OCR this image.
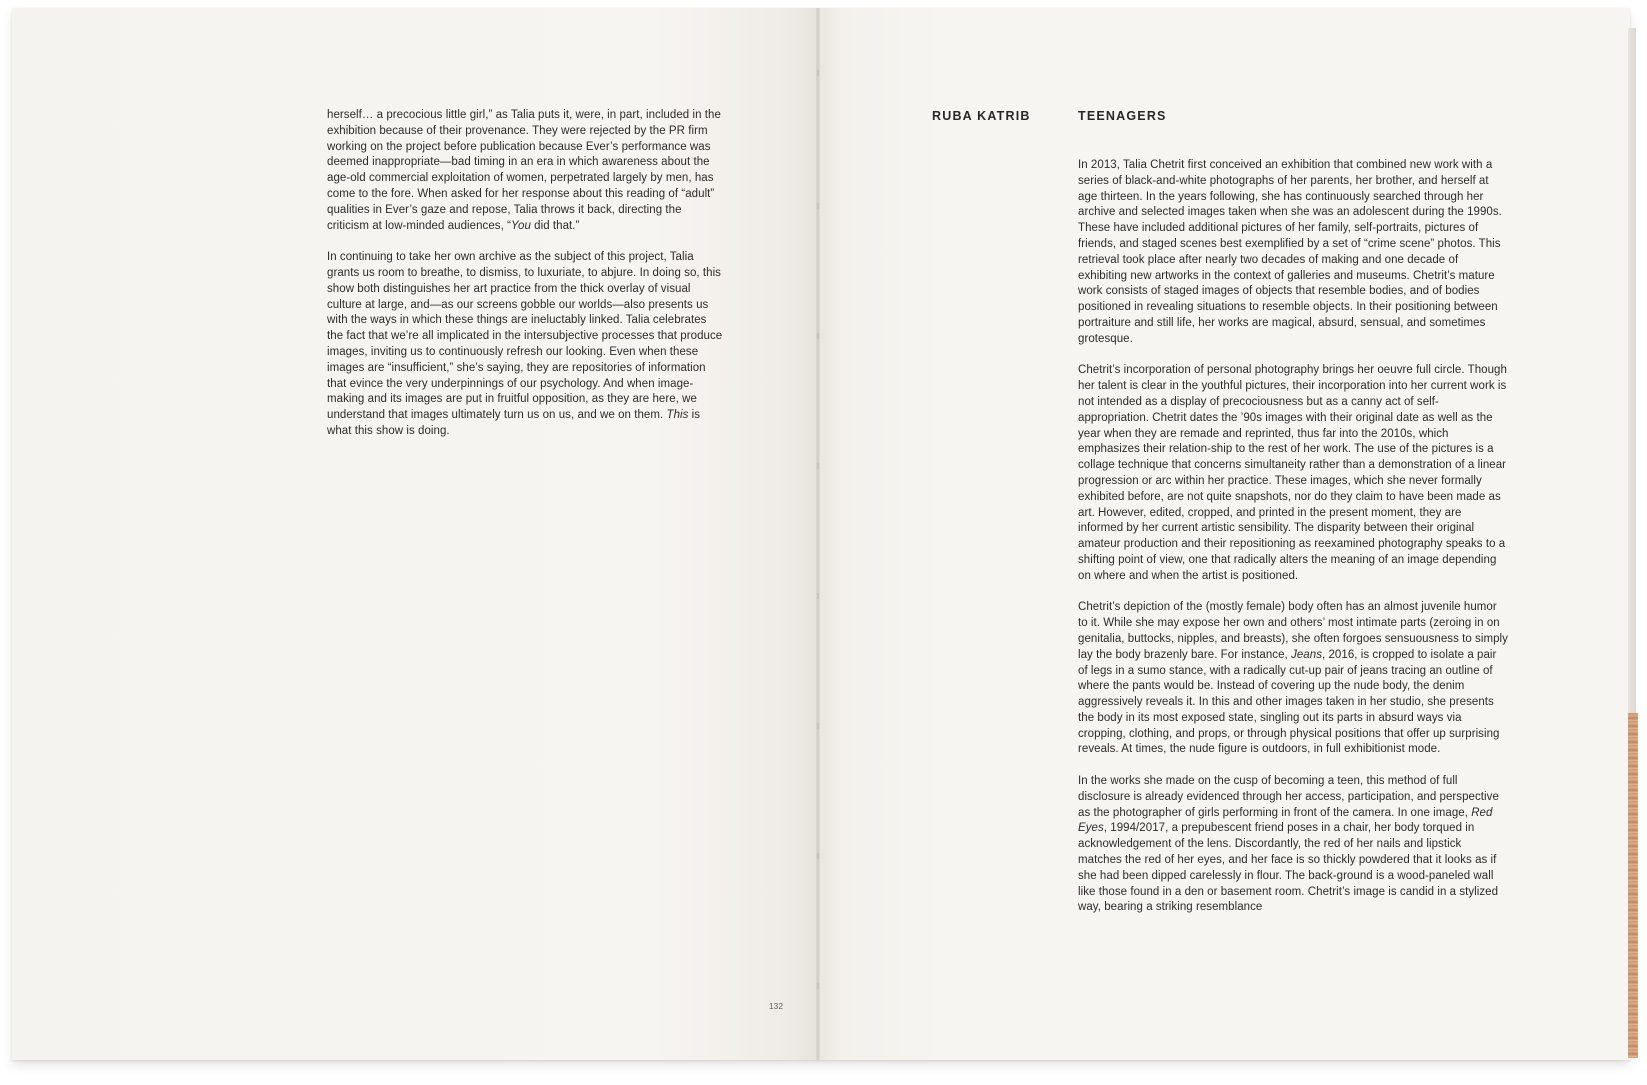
herself… a precocious little girl,” as Talia puts it, were, in part, included in the exhibition because of their provenance. They were rejected by the PR firm working on the project before publication because Ever’s performance was deemed inappropriate—bad timing in an era in which awareness about the age-old commercial exploitation of women, perpetrated largely by men, has come to the fore. When asked for her response about this reading of “adult” qualities in Ever’s gaze and repose, Talia throws it back, directing the criticism at low-minded audiences, “You did that.”

In continuing to take her own archive as the subject of this project, Talia grants us room to breathe, to dismiss, to luxuriate, to abjure. In doing so, this show both distinguishes her art practice from the thick overlay of visual culture at large, and—as our screens gobble our worlds—also presents us with the ways in which these things are ineluctably linked. Talia celebrates the fact that we’re all implicated in the intersubjective processes that produce images, inviting us to continuously refresh our looking. Even when these images are “insufficient,” she’s saying, they are repositories of information that evince the very underpinnings of our psychology. And when image-making and its images are put in fruitful opposition, as they are here, we understand that images ultimately turn us on us, and we on them. This is what this show is doing.

132
RUBA KATRIB	TEENAGERS

In 2013, Talia Chetrit first conceived an exhibition that combined new work with a series of black-and-white photographs of her parents, her brother, and herself at age thirteen. In the years following, she has continuously searched through her archive and selected images taken when she was an adolescent during the 1990s. These have included additional pictures of her family, self-portraits, pictures of friends, and staged scenes best exemplified by a set of “crime scene” photos. This retrieval took place after nearly two decades of making and one decade of exhibiting new artworks in the context of galleries and museums. Chetrit’s mature work consists of staged images of objects that resemble bodies, and of bodies positioned in revealing situations to resemble objects. In their positioning between portraiture and still life, her works are magical, absurd, sensual, and sometimes grotesque.

Chetrit’s incorporation of personal photography brings her oeuvre full circle. Though her talent is clear in the youthful pictures, their incorporation into her current work is not intended as a display of precociousness but as a canny act of self-appropriation. Chetrit dates the ’90s images with their original date as well as the year when they are remade and reprinted, thus far into the 2010s, which emphasizes their relation-ship to the rest of her work. The use of the pictures is a collage technique that concerns simultaneity rather than a demonstration of a linear progression or arc within her practice. These images, which she never formally exhibited before, are not quite snapshots, nor do they claim to have been made as art. However, edited, cropped, and printed in the present moment, they are informed by her current artistic sensibility. The disparity between their original amateur production and their repositioning as reexamined photography speaks to a shifting point of view, one that radically alters the meaning of an image depending on where and when the artist is positioned.

Chetrit’s depiction of the (mostly female) body often has an almost juvenile humor to it. While she may expose her own and others’ most intimate parts (zeroing in on genitalia, buttocks, nipples, and breasts), she often forgoes sensuousness to simply lay the body brazenly bare. For instance, Jeans, 2016, is cropped to isolate a pair of legs in a sumo stance, with a radically cut-up pair of jeans tracing an outline of where the pants would be. Instead of covering up the nude body, the denim aggressively reveals it. In this and other images taken in her studio, she presents the body in its most exposed state, singling out its parts in absurd ways via cropping, clothing, and props, or through physical positions that offer up surprising reveals. At times, the nude figure is outdoors, in full exhibitionist mode.

In the works she made on the cusp of becoming a teen, this method of full disclosure is already evidenced through her access, participation, and perspective as the photographer of girls performing in front of the camera. In one image, Red Eyes, 1994/2017, a prepubescent friend poses in a chair, her body torqued in acknowledgement of the lens. Discordantly, the red of her nails and lipstick matches the red of her eyes, and her face is so thickly powdered that it looks as if she had been dipped carelessly in flour. The back-ground is a wood-paneled wall like those found in a den or basement room. Chetrit’s image is candid in a stylized way, bearing a striking resemblance
